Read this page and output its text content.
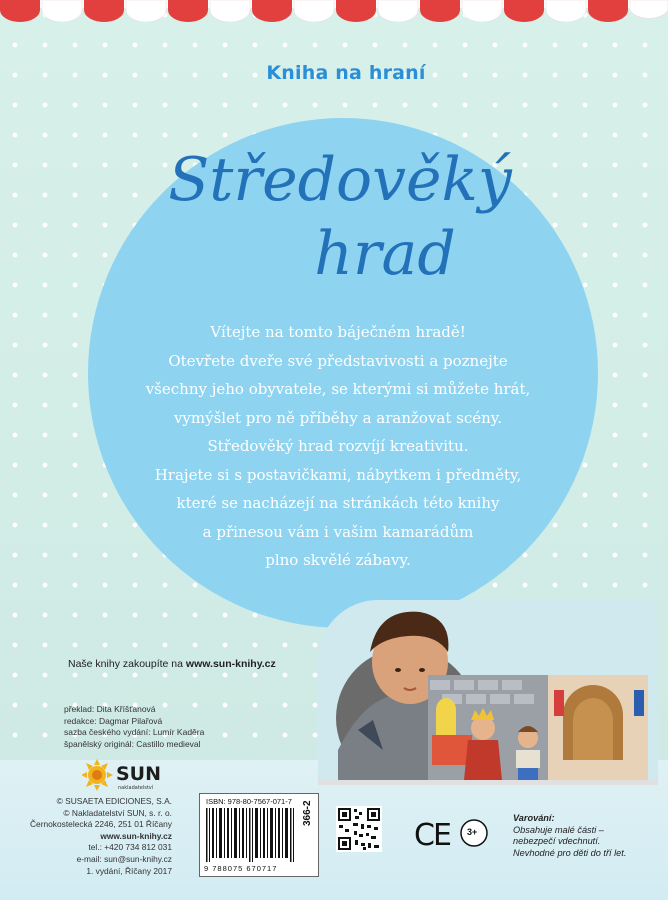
Kniha na hraní
Středověký
hrad
Vítejte na tomto báječném hradě!
Otevřete dveře své představivosti a poznejte
všechny jeho obyvatele, se kterými si můžete hrát,
vymýšlet pro ně příběhy a aranžovat scény.
Středověký hrad rozvíjí kreativitu.
Hrajete si s postavičkami, nábytkem i předměty,
které se nacházejí na stránkách této knihy
a přinesou vám i vašim kamarádům
plno skvělé zábavy.
Naše knihy zakoupíte na www.sun-knihy.cz
překlad: Dita Kříšťanová
redakce: Dagmar Pilařová
sazba českého vydání: Lumír Kaděra
španělský originál: Castillo medieval
SUN
nakladatelství
© SUSAETA EDICIONES, S.A.
© Nakladatelství SUN, s. r. o.
Černokostelecká 2246, 251 01 Říčany
www.sun-knihy.cz
tel.: +420 734 812 031
e-mail: sun@sun-knihy.cz
1. vydání, Říčany 2017
ISBN: 978-80-7567-071-7
9 788075 670717
366-2
CE 3+
Varování:
Obsahuje malé části –
nebezpečí vdechnutí.
Nevhodné pro děti do tří let.
